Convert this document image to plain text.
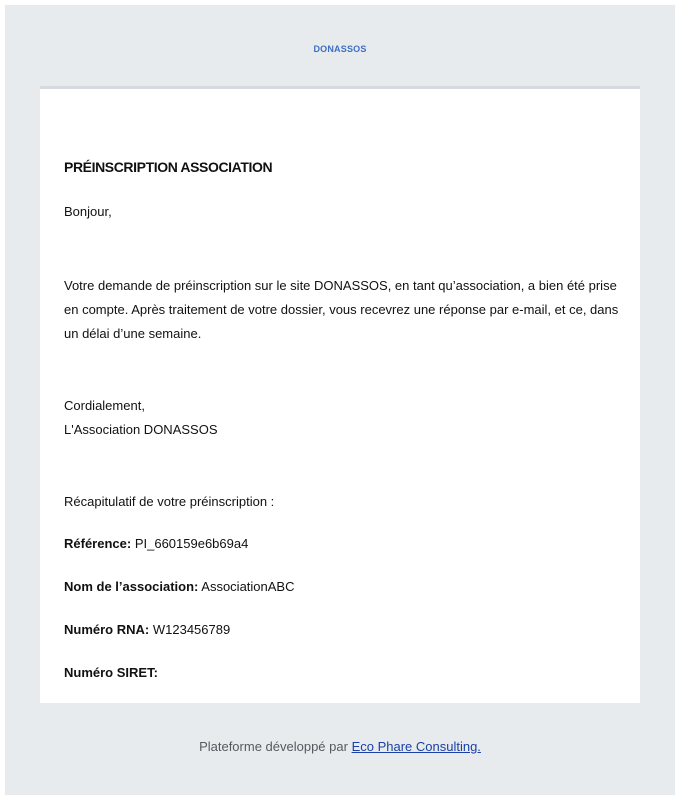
DONASSOS
PRÉINSCRIPTION ASSOCIATION

Bonjour,

Votre demande de préinscription sur le site DONASSOS, en tant qu’association, a bien été prise en compte. Après traitement de votre dossier, vous recevrez une réponse par e-mail, et ce, dans un délai d’une semaine.

Cordialement,

L'Association DONASSOS

Récapitulatif de votre préinscription :

Référence: PI_660159e6b69a4

Nom de l’association: AssociationABC

Numéro RNA: W123456789

Numéro SIRET:

Plateforme développé par Eco Phare Consulting.
